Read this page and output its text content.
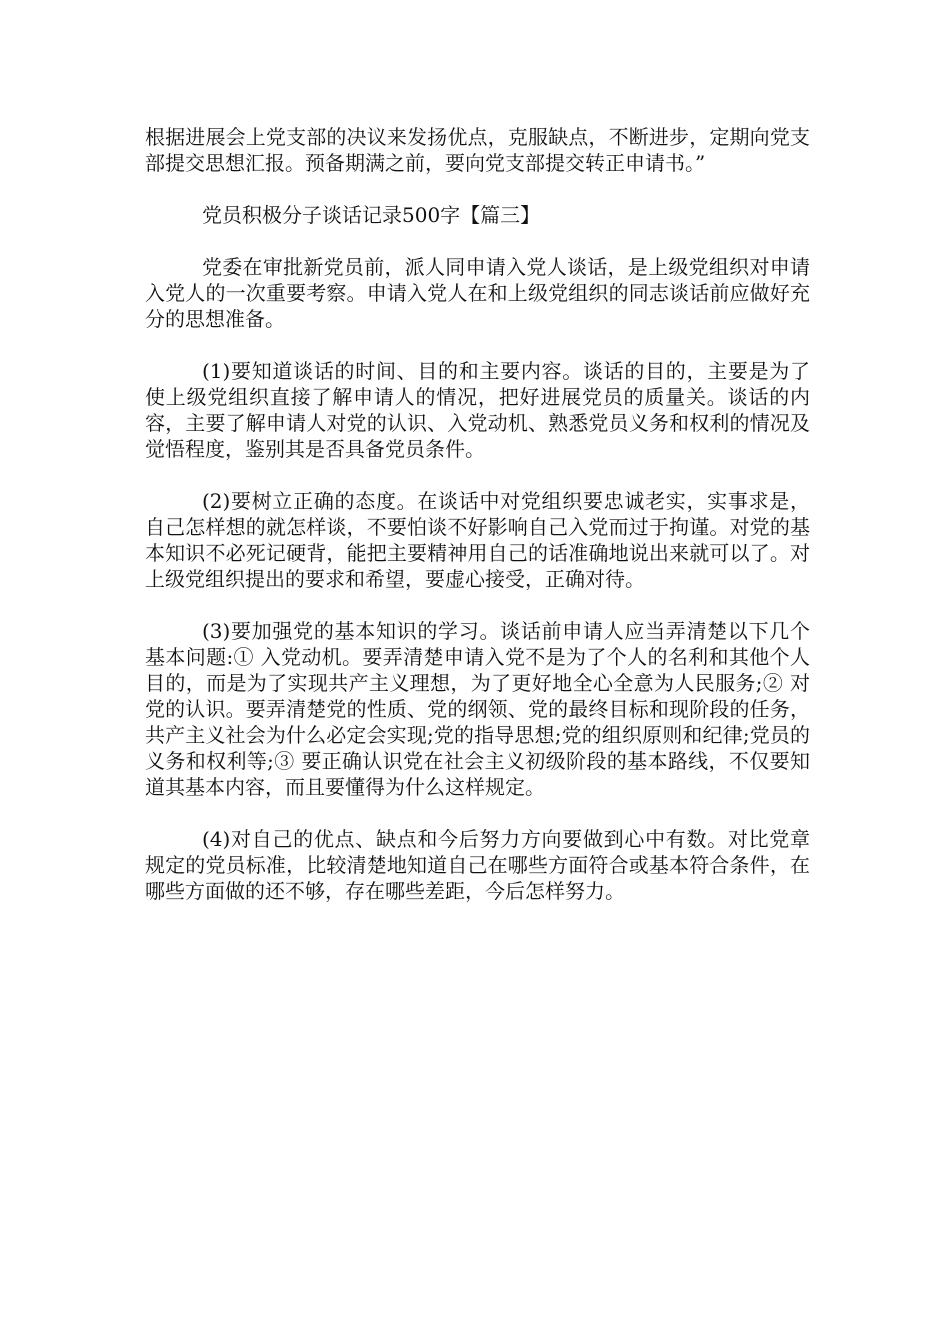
根据进展会上党支部的决议来发扬优点，克服缺点，不断进步，定期向党支部提交思想汇报。预备期满之前，要向党支部提交转正申请书。”

党员积极分子谈话记录500字【篇三】

党委在审批新党员前，派人同申请入党人谈话，是上级党组织对申请入党人的一次重要考察。申请入党人在和上级党组织的同志谈话前应做好充分的思想准备。

(1)要知道谈话的时间、目的和主要内容。谈话的目的，主要是为了使上级党组织直接了解申请人的情况，把好进展党员的质量关。谈话的内容，主要了解申请人对党的认识、入党动机、熟悉党员义务和权利的情况及觉悟程度，鉴别其是否具备党员条件。

(2)要树立正确的态度。在谈话中对党组织要忠诚老实，实事求是，自己怎样想的就怎样谈，不要怕谈不好影响自己入党而过于拘谨。对党的基本知识不必死记硬背，能把主要精神用自己的话准确地说出来就可以了。对上级党组织提出的要求和希望，要虚心接受，正确对待。

(3)要加强党的基本知识的学习。谈话前申请人应当弄清楚以下几个基本问题:① 入党动机。要弄清楚申请入党不是为了个人的名利和其他个人目的，而是为了实现共产主义理想，为了更好地全心全意为人民服务;② 对党的认识。要弄清楚党的性质、党的纲领、党的最终目标和现阶段的任务，共产主义社会为什么必定会实现;党的指导思想;党的组织原则和纪律;党员的义务和权利等;③ 要正确认识党在社会主义初级阶段的基本路线，不仅要知道其基本内容，而且要懂得为什么这样规定。

(4)对自己的优点、缺点和今后努力方向要做到心中有数。对比党章规定的党员标准，比较清楚地知道自己在哪些方面符合或基本符合条件，在哪些方面做的还不够，存在哪些差距，今后怎样努力。
